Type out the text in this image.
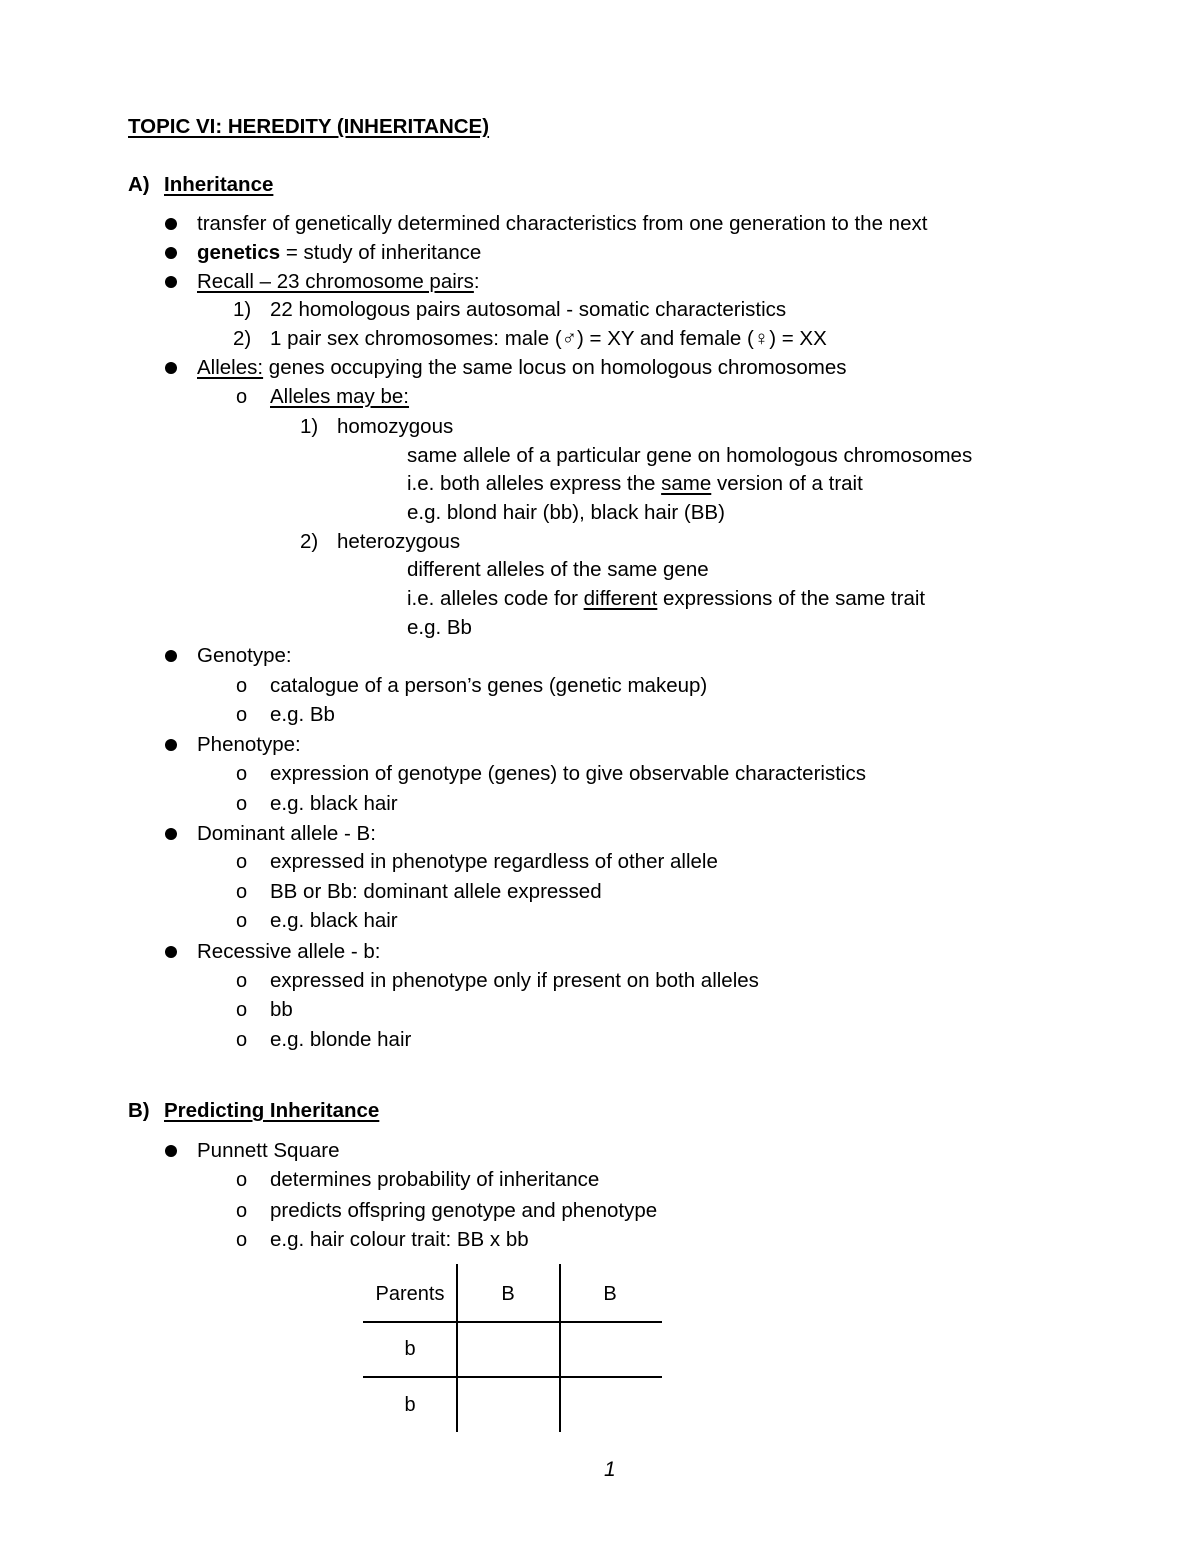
TOPIC VI: HEREDITY (INHERITANCE)
A) Inheritance
transfer of genetically determined characteristics from one generation to the next
genetics = study of inheritance
Recall – 23 chromosome pairs:
1) 22 homologous pairs autosomal - somatic characteristics
2) 1 pair sex chromosomes: male (♂) = XY and female (♀) = XX
Alleles: genes occupying the same locus on homologous chromosomes
o Alleles may be:
1) homozygous
same allele of a particular gene on homologous chromosomes
i.e. both alleles express the same version of a trait
e.g. blond hair (bb), black hair (BB)
2) heterozygous
different alleles of the same gene
i.e. alleles code for different expressions of the same trait
e.g. Bb
Genotype:
o catalogue of a person’s genes (genetic makeup)
o e.g. Bb
Phenotype:
o expression of genotype (genes) to give observable characteristics
o e.g. black hair
Dominant allele - B:
o expressed in phenotype regardless of other allele
o BB or Bb: dominant allele expressed
o e.g. black hair
Recessive allele - b:
o expressed in phenotype only if present on both alleles
o bb
o e.g. blonde hair
B) Predicting Inheritance
Punnett Square
o determines probability of inheritance
o predicts offspring genotype and phenotype
o e.g. hair colour trait: BB x bb
Parents	B	B
b
b
1
